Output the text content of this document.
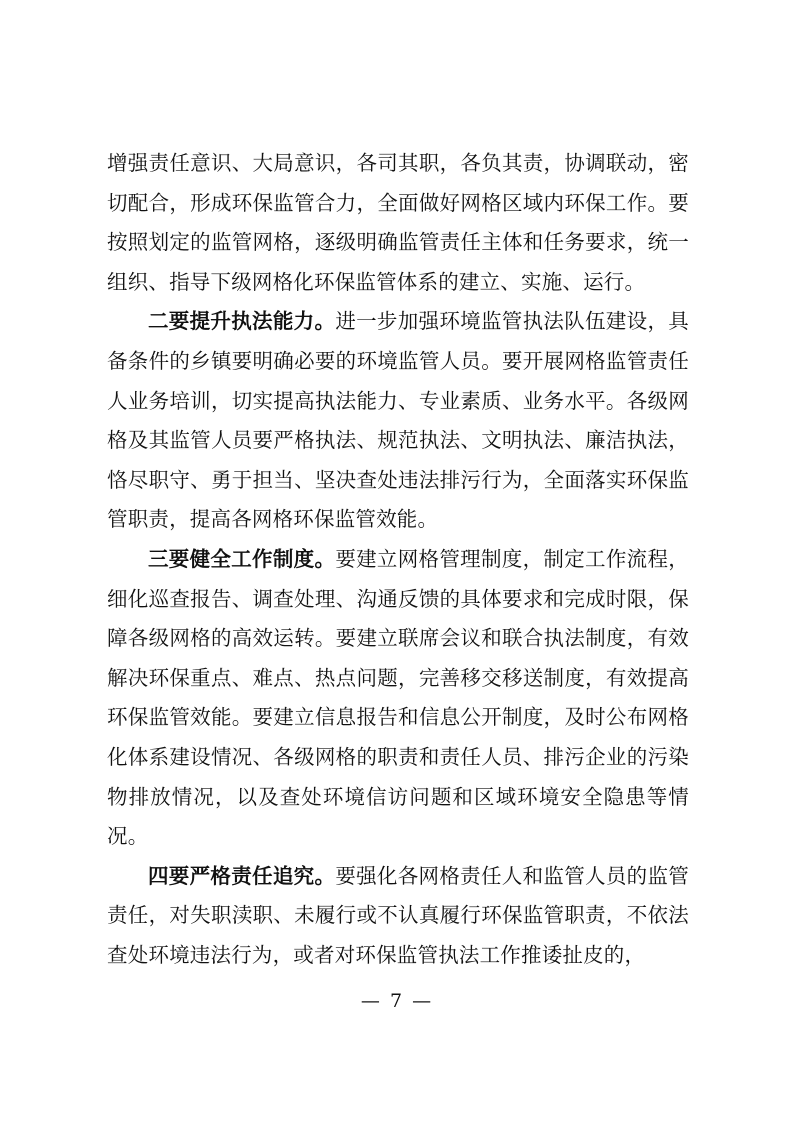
增强责任意识、大局意识，各司其职，各负其责，协调联动，密切配合，形成环保监管合力，全面做好网格区域内环保工作。要按照划定的监管网格，逐级明确监管责任主体和任务要求，统一组织、指导下级网格化环保监管体系的建立、实施、运行。

二要提升执法能力。进一步加强环境监管执法队伍建设，具备条件的乡镇要明确必要的环境监管人员。要开展网格监管责任人业务培训，切实提高执法能力、专业素质、业务水平。各级网格及其监管人员要严格执法、规范执法、文明执法、廉洁执法，恪尽职守、勇于担当、坚决查处违法排污行为，全面落实环保监管职责，提高各网格环保监管效能。

三要健全工作制度。要建立网格管理制度，制定工作流程，细化巡查报告、调查处理、沟通反馈的具体要求和完成时限，保障各级网格的高效运转。要建立联席会议和联合执法制度，有效解决环保重点、难点、热点问题，完善移交移送制度，有效提高环保监管效能。要建立信息报告和信息公开制度，及时公布网格化体系建设情况、各级网格的职责和责任人员、排污企业的污染物排放情况，以及查处环境信访问题和区域环境安全隐患等情况。

四要严格责任追究。要强化各网格责任人和监管人员的监管责任，对失职渎职、未履行或不认真履行环保监管职责，不依法查处环境违法行为，或者对环保监管执法工作推诿扯皮的，

— 7 —
